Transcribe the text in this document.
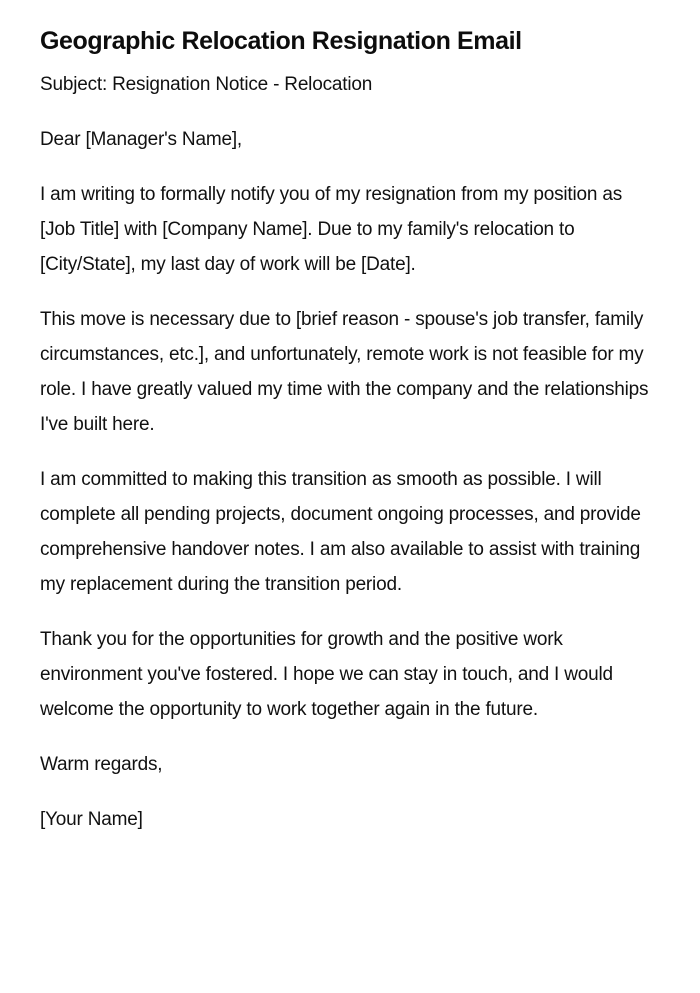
Geographic Relocation Resignation Email

Subject: Resignation Notice - Relocation

Dear [Manager's Name],

I am writing to formally notify you of my resignation from my position as [Job Title] with [Company Name]. Due to my family's relocation to [City/State], my last day of work will be [Date].

This move is necessary due to [brief reason - spouse's job transfer, family circumstances, etc.], and unfortunately, remote work is not feasible for my role. I have greatly valued my time with the company and the relationships I've built here.

I am committed to making this transition as smooth as possible. I will complete all pending projects, document ongoing processes, and provide comprehensive handover notes. I am also available to assist with training my replacement during the transition period.

Thank you for the opportunities for growth and the positive work environment you've fostered. I hope we can stay in touch, and I would welcome the opportunity to work together again in the future.

Warm regards,

[Your Name]
